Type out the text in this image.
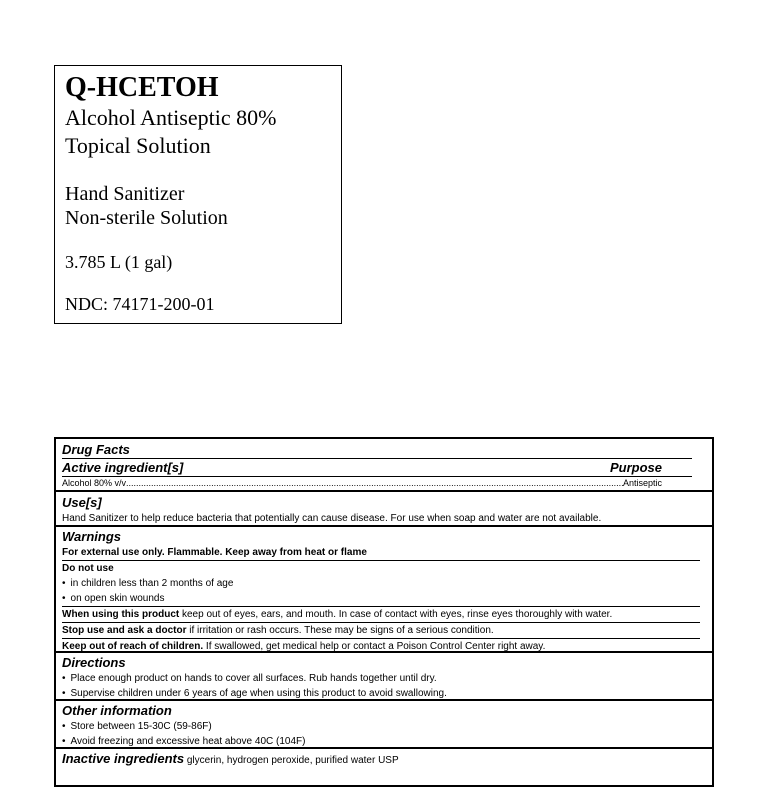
Q-HCETOH
Alcohol Antiseptic 80%
Topical Solution
Hand Sanitizer
Non-sterile Solution
3.785 L (1 gal)
NDC: 74171-200-01
Drug Facts
Active ingredient[s]	Purpose
Alcohol 80% v/v
.....	Antiseptic
Use[s]
Hand Sanitizer to help reduce bacteria that potentially can cause disease. For use when soap and water are not available.
Warnings
For external use only. Flammable. Keep away from heat or flame
Do not use
• in children less than 2 months of age
• on open skin wounds
When using this product keep out of eyes, ears, and mouth. In case of contact with eyes, rinse eyes thoroughly with water.
Stop use and ask a doctor if irritation or rash occurs. These may be signs of a serious condition.
Keep out of reach of children. If swallowed, get medical help or contact a Poison Control Center right away.
Directions
• Place enough product on hands to cover all surfaces. Rub hands together until dry.
• Supervise children under 6 years of age when using this product to avoid swallowing.
Other information
• Store between 15-30C (59-86F)
• Avoid freezing and excessive heat above 40C (104F)
Inactive ingredients glycerin, hydrogen peroxide, purified water USP
